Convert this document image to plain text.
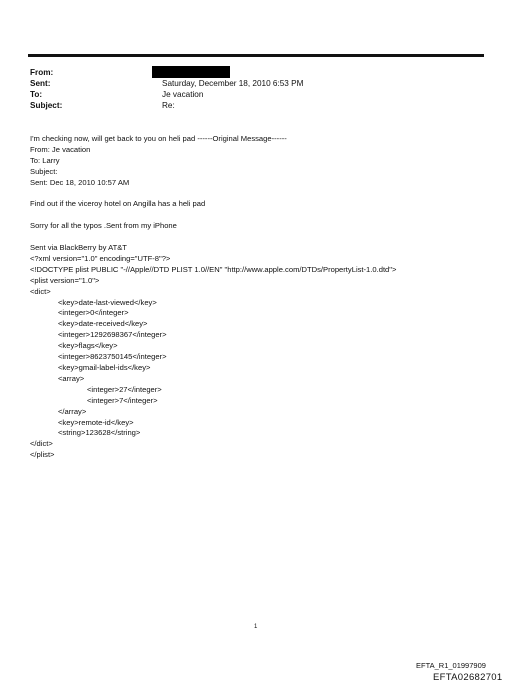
From:
Sent:	Saturday, December 18, 2010 6:53 PM
To:	Je vacation
Subject:	Re:

I'm checking now, will get back to you on heli pad ------Original Message------

From: Je vacation

To: Larry

Subject:

Sent: Dec 18, 2010 10:57 AM

Find out if the viceroy hotel on Angilla has a heli pad

Sorry for all the typos .Sent from my iPhone

Sent via BlackBerry by AT&T

<?xml version="1.0" encoding="UTF-8"?>

<!DOCTYPE plist PUBLIC "-//Apple//DTD PLIST 1.0//EN" "http://www.apple.com/DTDs/PropertyList-1.0.dtd">

<plist version="1.0">

<dict>

<key>date-last-viewed</key>

<integer>0</integer>

<key>date-received</key>

<integer>1292698367</integer>

<key>flags</key>

<integer>8623750145</integer>

<key>gmail-label-ids</key>

<array>

<integer>27</integer>

<integer>7</integer>

</array>

<key>remote-id</key>

<string>123628</string>

</dict>

</plist>

1
EFTA_R1_01997909
EFTA02682701
